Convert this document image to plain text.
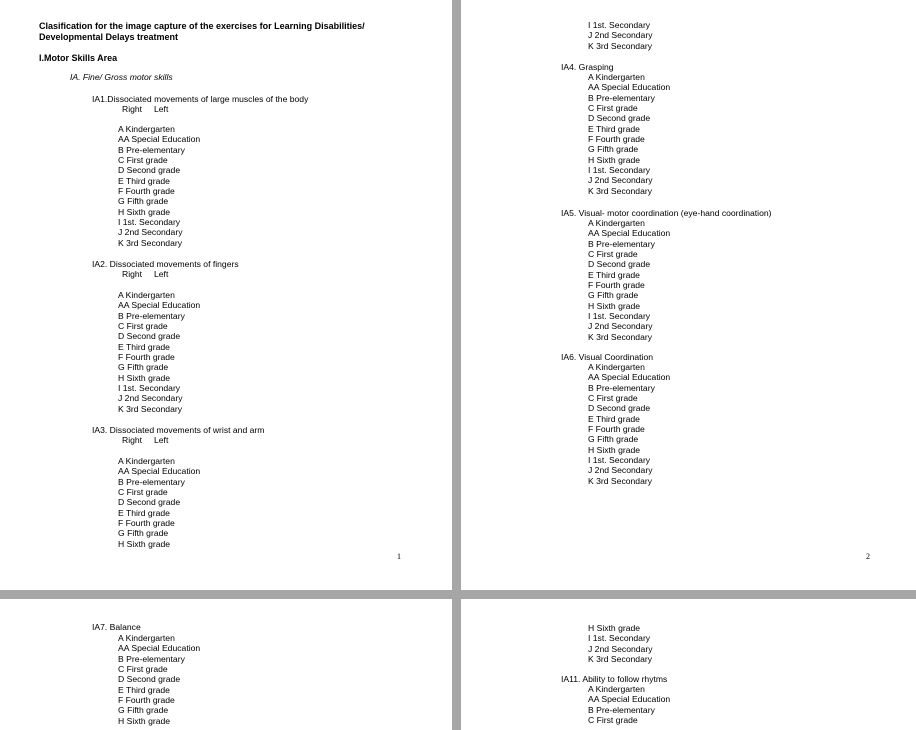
Clasification for the image capture of the exercises for Learning Disabilities/
Developmental Delays treatment
I.Motor Skills Area
IA. Fine/ Gross motor skills
IA1.Dissociated movements of large muscles of the body
Right Left
A Kindergarten
AA Special Education
B Pre-elementary
C First grade
D Second grade
E Third grade
F Fourth grade
G Fifth grade
H Sixth grade
I 1st. Secondary
J 2nd Secondary
K 3rd Secondary
IA2. Dissociated movements of fingers
Right Left
A Kindergarten
AA Special Education
B Pre-elementary
C First grade
D Second grade
E Third grade
F Fourth grade
G Fifth grade
H Sixth grade
I 1st. Secondary
J 2nd Secondary
K 3rd Secondary
IA3. Dissociated movements of wrist and arm
Right Left
A Kindergarten
AA Special Education
B Pre-elementary
C First grade
D Second grade
E Third grade
F Fourth grade
G Fifth grade
H Sixth grade
1
I 1st. Secondary
J 2nd Secondary
K 3rd Secondary
IA4. Grasping
A Kindergarten
AA Special Education
B Pre-elementary
C First grade
D Second grade
E Third grade
F Fourth grade
G Fifth grade
H Sixth grade
I 1st. Secondary
J 2nd Secondary
K 3rd Secondary
IA5. Visual- motor coordination (eye-hand coordination)
A Kindergarten
AA Special Education
B Pre-elementary
C First grade
D Second grade
E Third grade
F Fourth grade
G Fifth grade
H Sixth grade
I 1st. Secondary
J 2nd Secondary
K 3rd Secondary
IA6. Visual Coordination
A Kindergarten
AA Special Education
B Pre-elementary
C First grade
D Second grade
E Third grade
F Fourth grade
G Fifth grade
H Sixth grade
I 1st. Secondary
J 2nd Secondary
K 3rd Secondary
2
IA7. Balance
A Kindergarten
AA Special Education
B Pre-elementary
C First grade
D Second grade
E Third grade
F Fourth grade
G Fifth grade
H Sixth grade
H Sixth grade
I 1st. Secondary
J 2nd Secondary
K 3rd Secondary
IA11. Ability to follow rhytms
A Kindergarten
AA Special Education
B Pre-elementary
C First grade
